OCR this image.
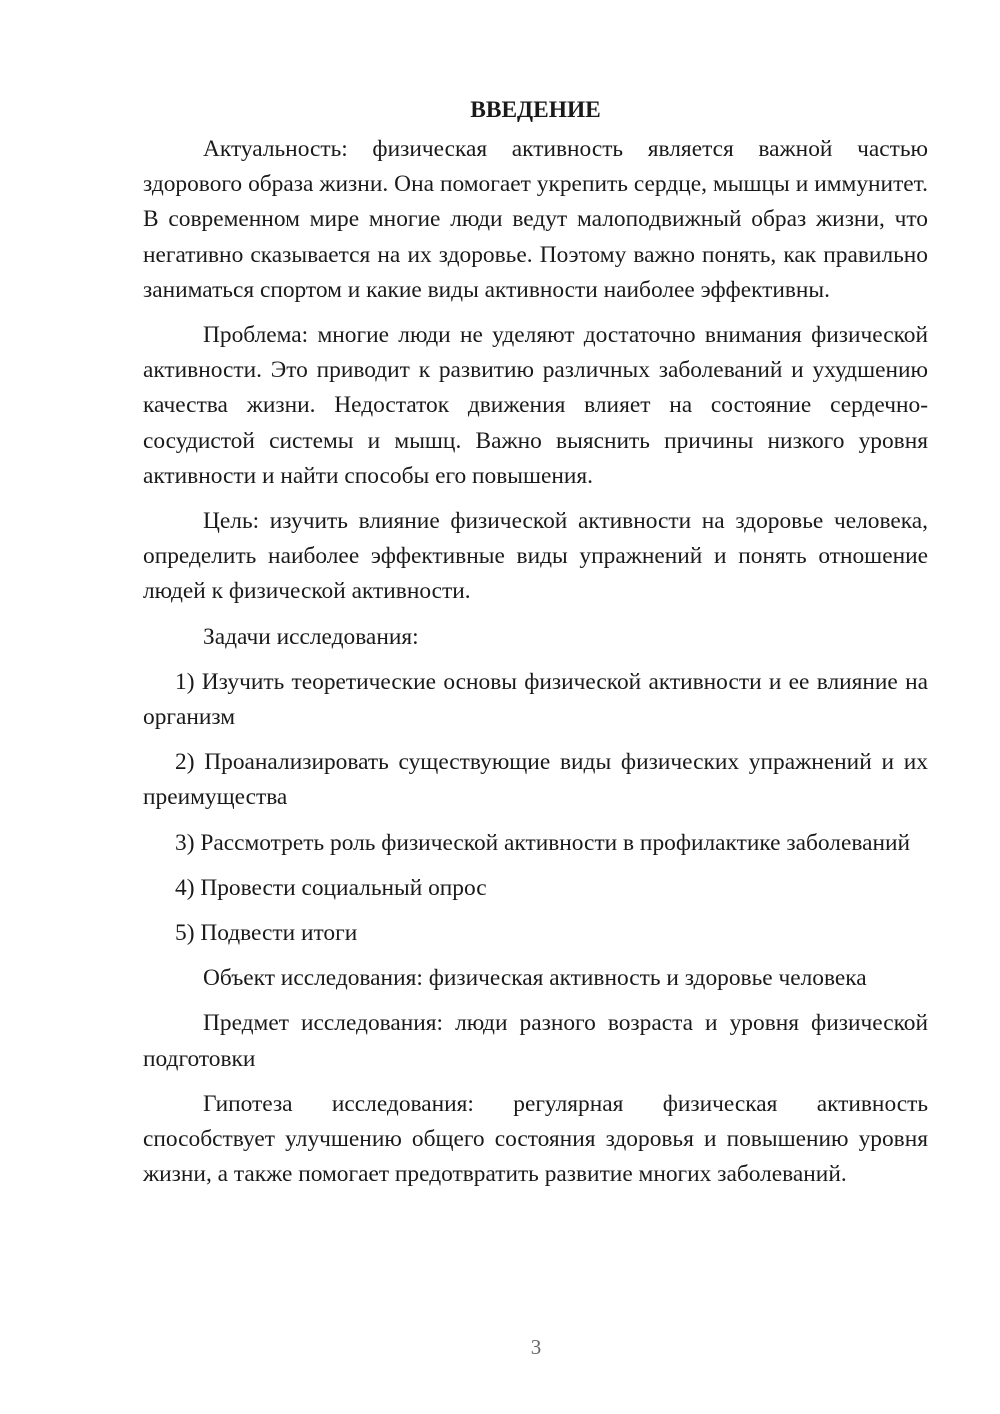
ВВЕДЕНИЕ

Актуальность: физическая активность является важной частью здорового образа жизни. Она помогает укрепить сердце, мышцы и иммунитет. В современном мире многие люди ведут малоподвижный образ жизни, что негативно сказывается на их здоровье. Поэтому важно понять, как правильно заниматься спортом и какие виды активности наиболее эффективны.

Проблема: многие люди не уделяют достаточно внимания физической активности. Это приводит к развитию различных заболеваний и ухудшению качества жизни. Недостаток движения влияет на состояние сердечно-сосудистой системы и мышц. Важно выяснить причины низкого уровня активности и найти способы его повышения.

Цель: изучить влияние физической активности на здоровье человека, определить наиболее эффективные виды упражнений и понять отношение людей к физической активности.

Задачи исследования:

1) Изучить теоретические основы физической активности и ее влияние на организм

2) Проанализировать существующие виды физических упражнений и их преимущества

3) Рассмотреть роль физической активности в профилактике заболеваний

4) Провести социальный опрос

5) Подвести итоги

Объект исследования: физическая активность и здоровье человека

Предмет исследования: люди разного возраста и уровня физической подготовки

Гипотеза исследования: регулярная физическая активность способствует улучшению общего состояния здоровья и повышению уровня жизни, а также помогает предотвратить развитие многих заболеваний.

3
